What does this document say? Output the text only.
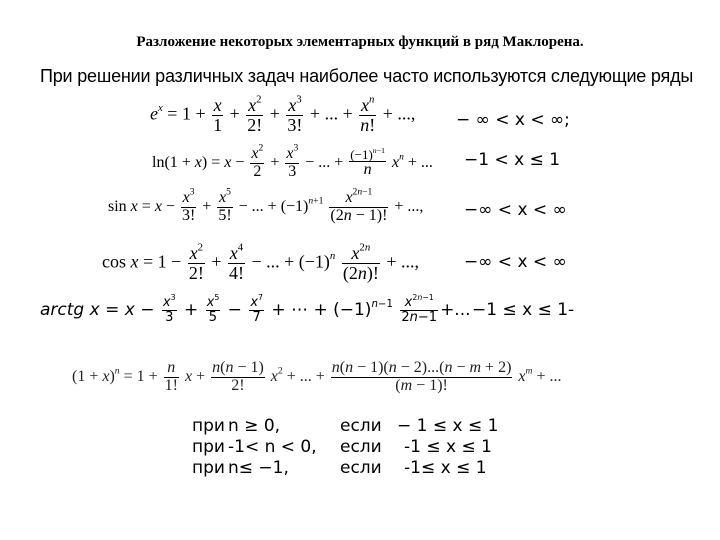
Разложение некоторых элементарных функций в ряд Маклорена.
При решении различных задач наиболее часто используются следующие ряды
$e^x = 1 + \frac{x}{1} + \frac{x^2}{2!} + \frac{x^3}{3!}$ + ... + $\frac{x^n}{n!}$ + ..., − ∞ < x < ∞;
$\ln(1 + x) = x - \frac{x^2}{2} + \frac{x^3}{3}$ − ... + $\frac{(-1)^{n-1}}{n} x^n$ + ... −1 < x ≤ 1
$\sin x = x - \frac{x^3}{3!} + \frac{x^5}{5!}$ − ... + $(-1)^{n+1} \frac{x^{2n-1}}{(2n - 1)!}$ + ..., −∞ < x < ∞
$\cos x = 1 - \frac{x^2}{2!} + \frac{x^4}{4!}$ − ... + $(-1)^n \frac{x^{2n}}{(2n)!}$ + ...,	−∞ < x < ∞
arctg $x = x - \frac{x^3}{3} + \frac{x^5}{5} - \frac{x^7}{7}$ + ⋯ + $(-1)^{n-1} \frac{x^{2n-1}}{2n-1}$ +... −1 ≤ x ≤ 1-
$(1 + x)^n = 1 + \frac{n}{1!}$ $x + \frac{n(n - 1)}{2!} x^2$ + ... + $\frac{n(n - 1)(n - 2)...(n - m + 2)}{(m - 1)!} x^m$ + ...
при n ≥ 0,	если − 1 ≤ x ≤ 1
при -1< n < 0, если -1 ≤ x ≤ 1
при n≤ −1,	если -1≤ x ≤ 1
